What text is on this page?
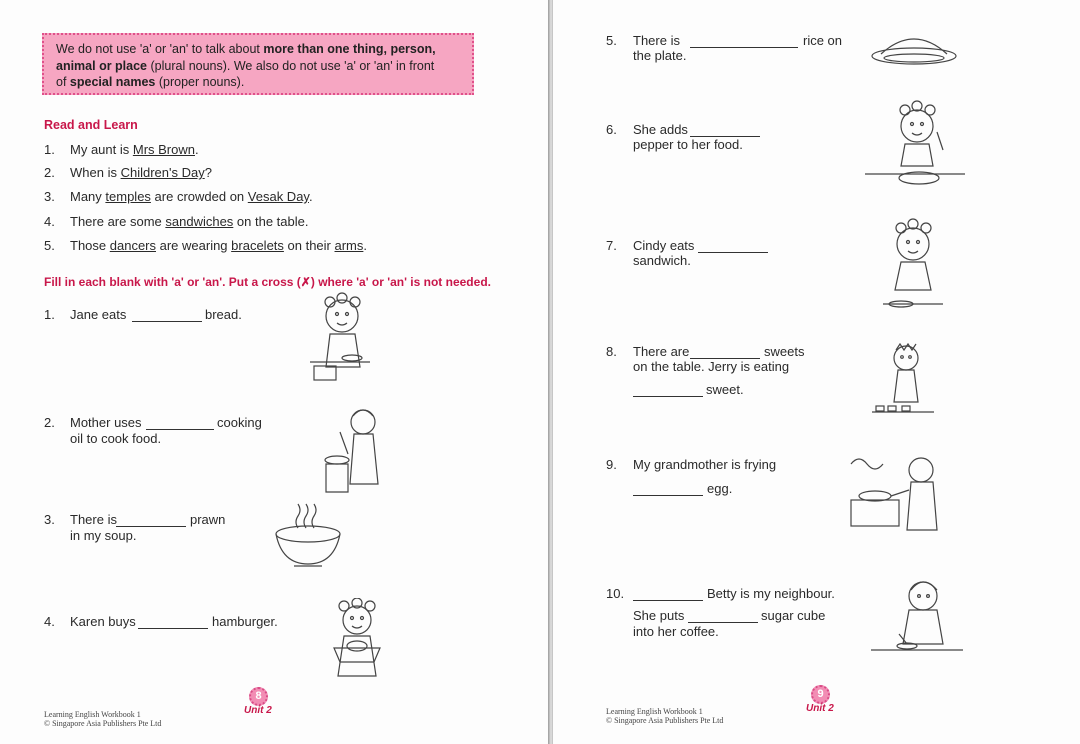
We do not use 'a' or 'an' to talk about more than one thing, person,
animal or place (plural nouns). We also do not use 'a' or 'an' in front
of special names (proper nouns).
Read and Learn
1. My aunt is Mrs Brown.
2. When is Children's Day?
3. Many temples are crowded on Vesak Day.
4. There are some sandwiches on the table.
5. Those dancers are wearing bracelets on their arms.
Fill in each blank with 'a' or 'an'. Put a cross (✗) where 'a' or 'an' is not needed.
1. Jane eats	bread.
2. Mother uses	cooking
oil to cook food.
3. There is	prawn
in my soup.
4. Karen buys	hamburger.
Learning English Workbook 1
© Singapore Asia Publishers Pte Ltd
8
Unit 2
5. There is	rice on
the plate.
6. She adds
pepper to her food.
7. Cindy eats
sandwich.
8. There are	sweets
on the table. Jerry is eating
sweet.
9. My grandmother is frying
egg.
10.	Betty is my neighbour.
She puts	sugar cube
into her coffee.
Learning English Workbook 1
© Singapore Asia Publishers Pte Ltd
9
Unit 2
